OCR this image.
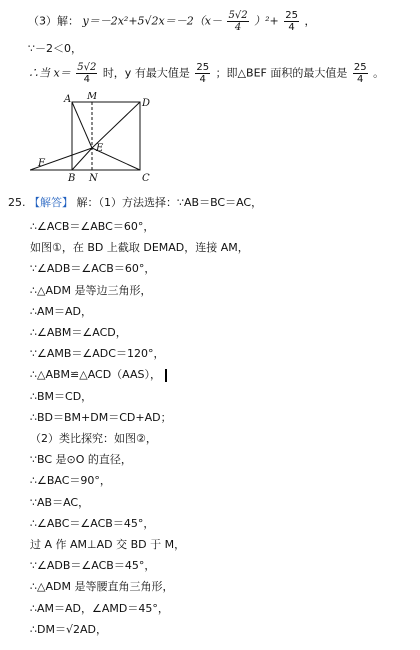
（3）解： $y=-2x^2+5√2x=-2(x- \frac{5√2}{4} )^2+ \frac{25}{4}$ ，
∵－2＜0，
∴当 $x= \frac{5√2}{4}$ 时，y 有最大值是 $\frac{25}{4}$ ；即△BEF 面积的最大值是 $\frac{25}{4}$ 。
A M
D
E
F
B N	C
25. 【解答】 解：（1）方法选择：∵AB＝BC＝AC，
∴∠ACB＝∠ABC＝60°，
如图①，在 BD 上截取 DEMAD，连接 AM，
∵∠ADB＝∠ACB＝60°，
∴△ADM 是等边三角形，
∴AM＝AD，
∴∠ABM＝∠ACD，
∵∠AMB＝∠ADC＝120°，
∴△ABM≌△ACD（AAS），
∴BM＝CD，
∴BD＝BM+DM＝CD+AD；
（2）类比探究：如图②，
∵BC 是⊙O 的直径，
∴∠BAC＝90°，
∵AB＝AC，
∴∠ABC＝∠ACB＝45°，
过 A 作 AM⊥AD 交 BD 于 M，
∵∠ADB＝∠ACB＝45°，
∴△ADM 是等腰直角三角形，
∴AM＝AD，∠AMD＝45°，
∴DM＝√2AD，
